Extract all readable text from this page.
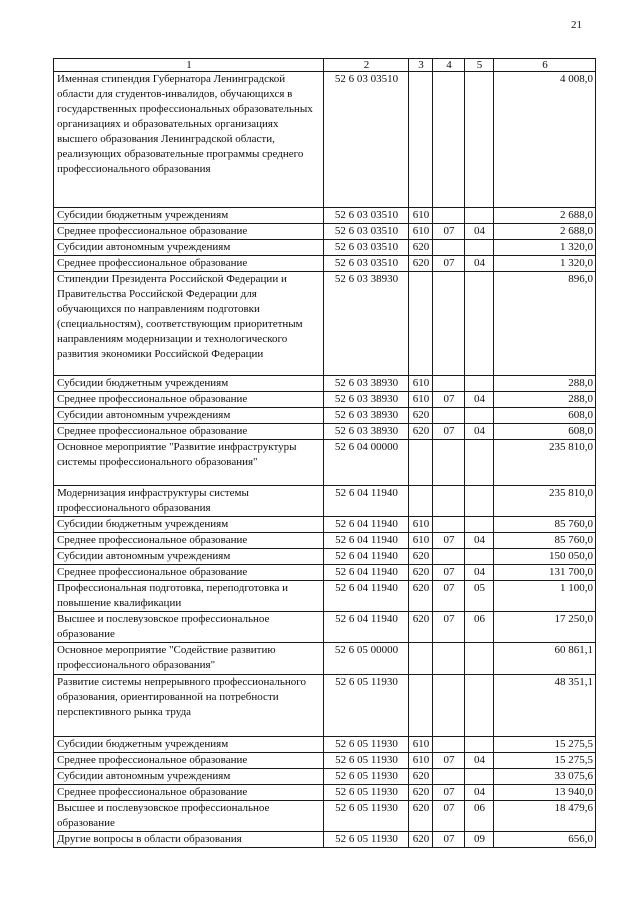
21
1	2	3	4	5	6
Именная стипендия Губернатора Ленинградской области для студентов-инвалидов, обучающихся в государственных профессиональных образовательных организациях и образовательных организациях высшего образования Ленинградской области, реализующих образовательные программы среднего профессионального образования	52 6 03 03510				4 008,0
Субсидии бюджетным учреждениям	52 6 03 03510	610			2 688,0
Среднее профессиональное образование	52 6 03 03510	610	07	04	2 688,0
Субсидии автономным учреждениям	52 6 03 03510	620			1 320,0
Среднее профессиональное образование	52 6 03 03510	620	07	04	1 320,0
Стипендии Президента Российской Федерации и Правительства Российской Федерации для обучающихся по направлениям подготовки (специальностям), соответствующим приоритетным направлениям модернизации и технологического развития экономики Российской Федерации	52 6 03 38930				896,0
Субсидии бюджетным учреждениям	52 6 03 38930	610			288,0
Среднее профессиональное образование	52 6 03 38930	610	07	04	288,0
Субсидии автономным учреждениям	52 6 03 38930	620			608,0
Среднее профессиональное образование	52 6 03 38930	620	07	04	608,0
Основное мероприятие "Развитие инфраструктуры системы профессионального образования"	52 6 04 00000				235 810,0
Модернизация инфраструктуры системы профессионального образования	52 6 04 11940				235 810,0
Субсидии бюджетным учреждениям	52 6 04 11940	610			85 760,0
Среднее профессиональное образование	52 6 04 11940	610	07	04	85 760,0
Субсидии автономным учреждениям	52 6 04 11940	620			150 050,0
Среднее профессиональное образование	52 6 04 11940	620	07	04	131 700,0
Профессиональная подготовка, переподготовка и повышение квалификации	52 6 04 11940	620	07	05	1 100,0
Высшее и послевузовское профессиональное образование	52 6 04 11940	620	07	06	17 250,0
Основное мероприятие "Содействие развитию профессионального образования"	52 6 05 00000				60 861,1
Развитие системы непрерывного профессионального образования, ориентированной на потребности перспективного рынка труда	52 6 05 11930				48 351,1
Субсидии бюджетным учреждениям	52 6 05 11930	610			15 275,5
Среднее профессиональное образование	52 6 05 11930	610	07	04	15 275,5
Субсидии автономным учреждениям	52 6 05 11930	620			33 075,6
Среднее профессиональное образование	52 6 05 11930	620	07	04	13 940,0
Высшее и послевузовское профессиональное образование	52 6 05 11930	620	07	06	18 479,6
Другие вопросы в области образования	52 6 05 11930	620	07	09	656,0
